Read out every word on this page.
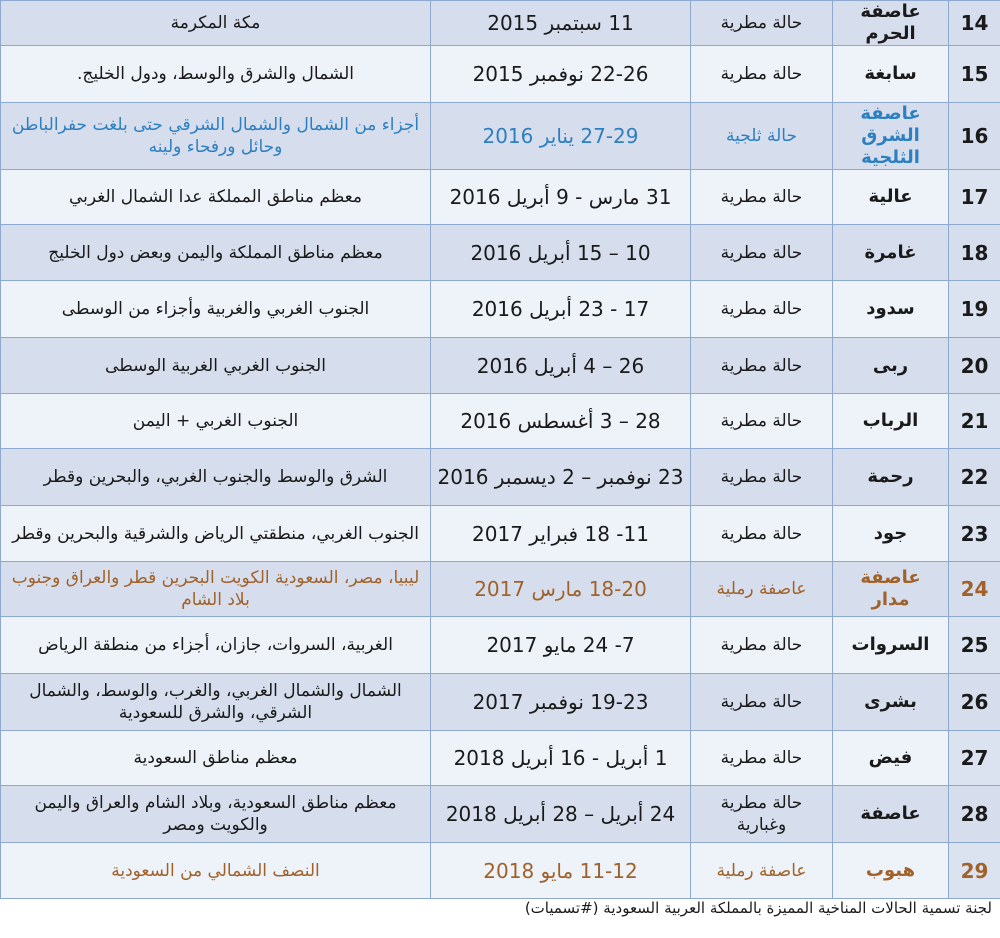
14	عاصفة الحرم	حالة مطرية	11 سبتمبر 2015	مكة المكرمة
15	سابغة	حالة مطرية	22-26 نوفمبر 2015	الشمال والشرق والوسط، ودول الخليج.
16	عاصفة الشرق الثلجية	حالة ثلجية	27-29 يناير 2016	أجزاء من الشمال والشمال الشرقي حتى بلغت حفرالباطن وحائل ورفحاء ولينه
17	عالية	حالة مطرية	31 مارس - 9 أبريل 2016	معظم مناطق المملكة عدا الشمال الغربي
18	غامرة	حالة مطرية	10 – 15 أبريل 2016	معظم مناطق المملكة واليمن وبعض دول الخليج
19	سدود	حالة مطرية	17 - 23 أبريل 2016	الجنوب الغربي والغربية وأجزاء من الوسطى
20	ربى	حالة مطرية	26 – 4 أبريل 2016	الجنوب الغربي الغربية الوسطى
21	الرباب	حالة مطرية	28 – 3 أغسطس 2016	الجنوب الغربي + اليمن
22	رحمة	حالة مطرية	23 نوفمبر – 2 ديسمبر 2016	الشرق والوسط والجنوب الغربي، والبحرين وقطر
23	جود	حالة مطرية	11- 18 فبراير 2017	الجنوب الغربي، منطقتي الرياض والشرقية والبحرين وقطر
24	عاصفة مدار	عاصفة رملية	18-20 مارس 2017	ليبيا، مصر، السعودية الكويت البحرين قطر والعراق وجنوب بلاد الشام
25	السروات	حالة مطرية	7- 24 مايو 2017	الغربية، السروات، جازان، أجزاء من منطقة الرياض
26	بشرى	حالة مطرية	19-23 نوفمبر 2017	الشمال والشمال الغربي، والغرب، والوسط، والشمال الشرقي، والشرق للسعودية
27	فيض	حالة مطرية	1 أبريل - 16 أبريل 2018	معظم مناطق السعودية
28	عاصفة	حالة مطرية وغبارية	24 أبريل – 28 أبريل 2018	معظم مناطق السعودية، وبلاد الشام والعراق واليمن والكويت ومصر
29	هبوب	عاصفة رملية	11-12 مايو 2018	النصف الشمالي من السعودية
لجنة تسمية الحالات المناخية المميزة بالمملكة العربية السعودية (#تسميات)
